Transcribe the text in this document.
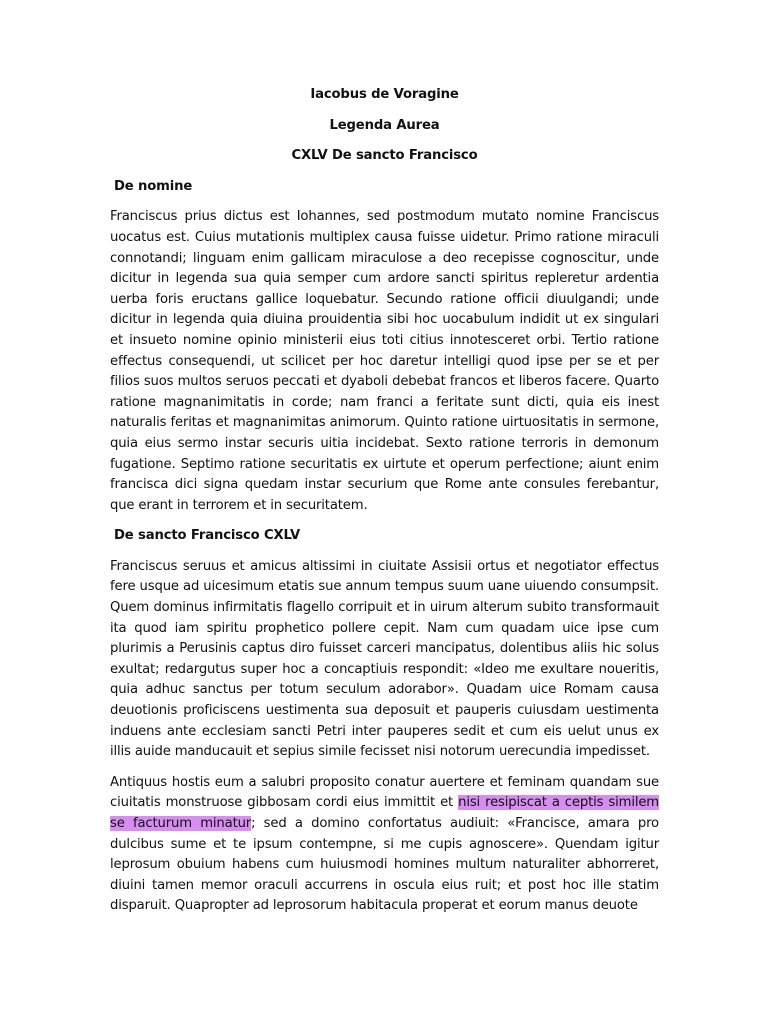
Iacobus de Voragine

Legenda Aurea

CXLV De sancto Francisco

De nomine

Franciscus prius dictus est Iohannes, sed postmodum mutato nomine Franciscus uocatus est. Cuius mutationis multiplex causa fuisse uidetur. Primo ratione miraculi connotandi; linguam enim gallicam miraculose a deo recepisse cognoscitur, unde dicitur in legenda sua quia semper cum ardore sancti spiritus repleretur ardentia uerba foris eructans gallice loquebatur. Secundo ratione officii diuulgandi; unde dicitur in legenda quia diuina prouidentia sibi hoc uocabulum indidit ut ex singulari et insueto nomine opinio ministerii eius toti citius innotesceret orbi. Tertio ratione effectus consequendi, ut scilicet per hoc daretur intelligi quod ipse per se et per filios suos multos seruos peccati et dyaboli debebat francos et liberos facere. Quarto ratione magnanimitatis in corde; nam franci a feritate sunt dicti, quia eis inest naturalis feritas et magnanimitas animorum. Quinto ratione uirtuositatis in sermone, quia eius sermo instar securis uitia incidebat. Sexto ratione terroris in demonum fugatione. Septimo ratione securitatis ex uirtute et operum perfectione; aiunt enim francisca dici signa quedam instar securium que Rome ante consules ferebantur, que erant in terrorem et in securitatem.

De sancto Francisco CXLV

Franciscus seruus et amicus altissimi in ciuitate Assisii ortus et negotiator effectus fere usque ad uicesimum etatis sue annum tempus suum uane uiuendo consumpsit. Quem dominus infirmitatis flagello corripuit et in uirum alterum subito transformauit ita quod iam spiritu prophetico pollere cepit. Nam cum quadam uice ipse cum plurimis a Perusinis captus diro fuisset carceri mancipatus, dolentibus aliis hic solus exultat; redargutus super hoc a concaptiuis respondit: «Ideo me exultare noueritis, quia adhuc sanctus per totum seculum adorabor». Quadam uice Romam causa deuotionis proficiscens uestimenta sua deposuit et pauperis cuiusdam uestimenta induens ante ecclesiam sancti Petri inter pauperes sedit et cum eis uelut unus ex illis auide manducauit et sepius simile fecisset nisi notorum uerecundia impedisset.

Antiquus hostis eum a salubri proposito conatur auertere et feminam quandam sue ciuitatis monstruose gibbosam cordi eius immittit et nisi resipiscat a ceptis similem se facturum minatur; sed a domino confortatus audiuit: «Francisce, amara pro dulcibus sume et te ipsum contempne, si me cupis agnoscere». Quendam igitur leprosum obuium habens cum huiusmodi homines multum naturaliter abhorreret, diuini tamen memor oraculi accurrens in oscula eius ruit; et post hoc ille statim disparuit. Quapropter ad leprosorum habitacula properat et eorum manus deuote
